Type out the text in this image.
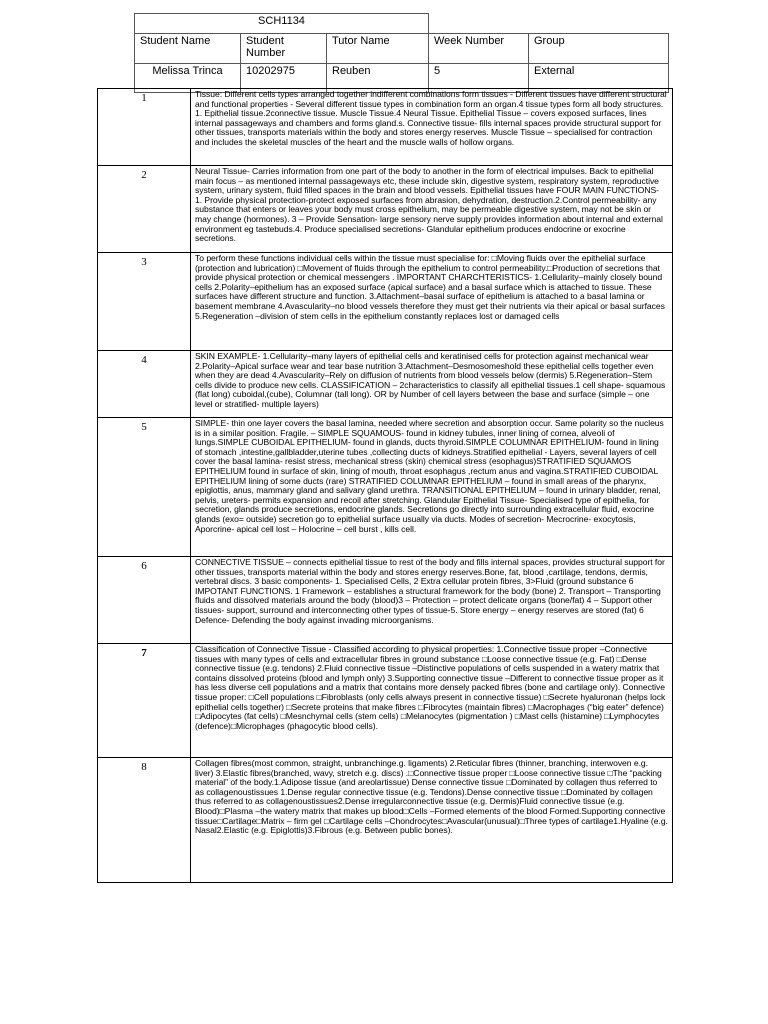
SCH1134				
Student Name	Student Number	Tutor Name	Week Number	Group
Melissa Trinca	10202975	Reuben	5	External
1	Tissue: Different cells types arranged together indifferent combinations form tissues - Different tissues have different structural and functional properties - Several different tissue types in combination form an organ.4 tissue types form all body structures. 1. Epithelial tissue.2connective tissue. Muscle Tissue.4 Neural Tissue. Epithelial Tissue – covers exposed surfaces, lines internal passageways and chambers and forms gland.s. Connective tissue- fills internal spaces provide structural support for other tissues, transports materials within the body and stores energy reserves. Muscle Tissue – specialised for contraction and includes the skeletal muscles of the heart and the muscle walls of hollow organs.
2	Neural Tissue- Carries information from one part of the body to another in the form of electrical impulses. Back to epithelial main focus – as mentioned internal passageways etc, these include skin, digestive system, respiratory system, reproductive system, urinary system, fluid filled spaces in the brain and blood vessels. Epithelial tissues have FOUR MAIN FUNCTIONS- 1. Provide physical protection-protect exposed surfaces from abrasion, dehydration, destruction.2.Control permeability- any substance that enters or leaves your body must cross epithelium, may be permeable digestive system, may not be skin or may change (hormones). 3 – Provide Sensation- large sensory nerve supply provides information about internal and external environment eg tastebuds.4. Produce specialised secretions- Glandular epithelium produces endocrine or exocrine secretions.
3	To perform these functions individual cells within the tissue must specialise for: □Moving fluids over the epithelial surface (protection and lubrication) □Movement of fluids through the epithelium to control permeability.□Production of secretions that provide physical protection or chemical messengers . IMPORTANT CHARCHTERISTICS- 1.Cellularity–mainly closely bound cells 2.Polarity–epithelium has an exposed surface (apical surface) and a basal surface which is attached to tissue. These surfaces have different structure and function. 3.Attachment–basal surface of epithelium is attached to a basal lamina or basement membrane 4.Avascularity–no blood vessels therefore they must get their nutrients via their apical or basal surfaces 5.Regeneration –division of stem cells in the epithelium constantly replaces lost or damaged cells
4	SKIN EXAMPLE- 1.Cellularity–many layers of epithelial cells and keratinised cells for protection against mechanical wear 2.Polarity–Apical surface wear and tear base nutrition 3.Attachment–Desmosomeshold these epithelial cells together even when they are dead 4.Avascularity–Rely on diffusion of nutrients from blood vessels below (dermis) 5.Regeneration–Stem cells divide to produce new cells. CLASSIFICATION – 2characteristics to classify all epithelial tissues.1 cell shape- squamous (flat long) cuboidal,(cube), Columnar (tall long). OR by Number of cell layers between the base and surface (simple – one level or stratified- multiple layers)
5	SIMPLE- thin one layer covers the basal lamina, needed where secretion and absorption occur. Same polarity so the nucleus is in a similar position. Fragile. – SIMPLE SQUAMOUS- found in kidney tubules, inner lining of cornea, alveoli of lungs.SIMPLE CUBOIDAL EPITHELIUM- found in glands, ducts thyroid.SIMPLE COLUMNAR EPITHELIUM- found in lining of stomach ,intestine,gallbladder,uterine tubes ,collecting ducts of kidneys.Stratified epithelial - Layers, several layers of cell cover the basal lamina- resist stress, mechanical stress (skin) chemical stress (esophagus)STRATIFIED SQUAMOS EPITHELIUM found in surface of skin, lining of mouth, throat esophagus ,rectum anus and vagina.STRATIFIED CUBOIDAL EPITHELIUM lining of some ducts (rare) STRATIFIED COLUMNAR EPITHELIUM – found in small areas of the pharynx, epiglottis, anus, mammary gland and salivary gland urethra. TRANSITIONAL EPITHELIUM – found in urinary bladder, renal, pelvis, ureters- permits expansion and recoil after stretching. Glandular Epithelial Tissue- Specialised type of epithelia, for secretion, glands produce secretions, endocrine glands. Secretions go directly into surrounding extracellular fluid, exocrine glands (exo= outside) secretion go to epithelial surface usually via ducts. Modes of secretion- Mecrocrine- exocytosis, Aporcrine- apical cell lost – Holocrine – cell burst , kills cell.
6	CONNECTIVE TISSUE – connects epithelial tissue to rest of the body and fills internal spaces, provides structural support for other tissues, transports material within the body and stores energy reserves.Bone, fat, blood ,cartilage, tendons, dermis, vertebral discs. 3 basic components- 1. Specialised Cells, 2 Extra cellular protein fibres, 3>Fluid (ground substance 6 IMPOTANT FUNCTIONS. 1 Framework – establishes a structural framework for the body (bone) 2. Transport – Transporting fluids and dissolved materials around the body (blood)3 – Protection – protect delicate organs (bone/fat) 4 – Support other tissues- support, surround and interconnecting other types of tissue-5. Store energy – energy reserves are stored (fat) 6 Defence- Defending the body against invading microorganisms.
7	Classification of Connective Tissue - Classified according to physical properties: 1.Connective tissue proper –Connective tissues with many types of cells and extracellular fibres in ground substance □Loose connective tissue (e.g. Fat) □Dense connective tissue (e.g. tendons) 2.Fluid connective tissue –Distinctive populations of cells suspended in a watery matrix that contains dissolved proteins (blood and lymph only) 3.Supporting connective tissue –Different to connective tissue proper as it has less diverse cell populations and a matrix that contains more densely packed fibres (bone and cartilage only). Connective tissue proper: □Cell populations □Fibroblasts (only cells always present in connective tissue) □Secrete hyaluronan (helps lock epithelial cells together) □Secrete proteins that make fibres □Fibrocytes (maintain fibres) □Macrophages (“big eater” defence) □Adipocytes (fat cells) □Mesnchymal cells (stem cells) □Melanocytes (pigmentation ) □Mast cells (histamine) □Lymphocytes (defence)□Microphages (phagocytic blood cells).
8	Collagen fibres(most common, straight, unbranchinge.g. ligaments) 2.Reticular fibres (thinner, branching, interwoven e.g. liver) 3.Elastic fibres(branched, wavy, stretch e.g. discs) .□Connective tissue proper □Loose connective tissue □The “packing material” of the body.1.Adipose tissue (and areolartissue) Dense connective tissue □Dominated by collagen thus referred to as collagenoustissues 1.Dense regular connective tissue (e.g. Tendons).Dense connective tissue □Dominated by collagen thus referred to as collagenoustissues2.Dense irregularconnective tissue (e.g. Dermis)Fluid connective tissue (e.g. Blood)□Plasma –the watery matrix that makes up blood□Cells –Formed elements of the blood Formed.Supporting connective tissue□Cartilage□Matrix – firm gel □Cartilage cells –Chondrocytes□Avascular(unusual)□Three types of cartilage1.Hyaline (e.g. Nasal2.Elastic (e.g. Epiglottis)3.Fibrous (e.g. Between public bones).
